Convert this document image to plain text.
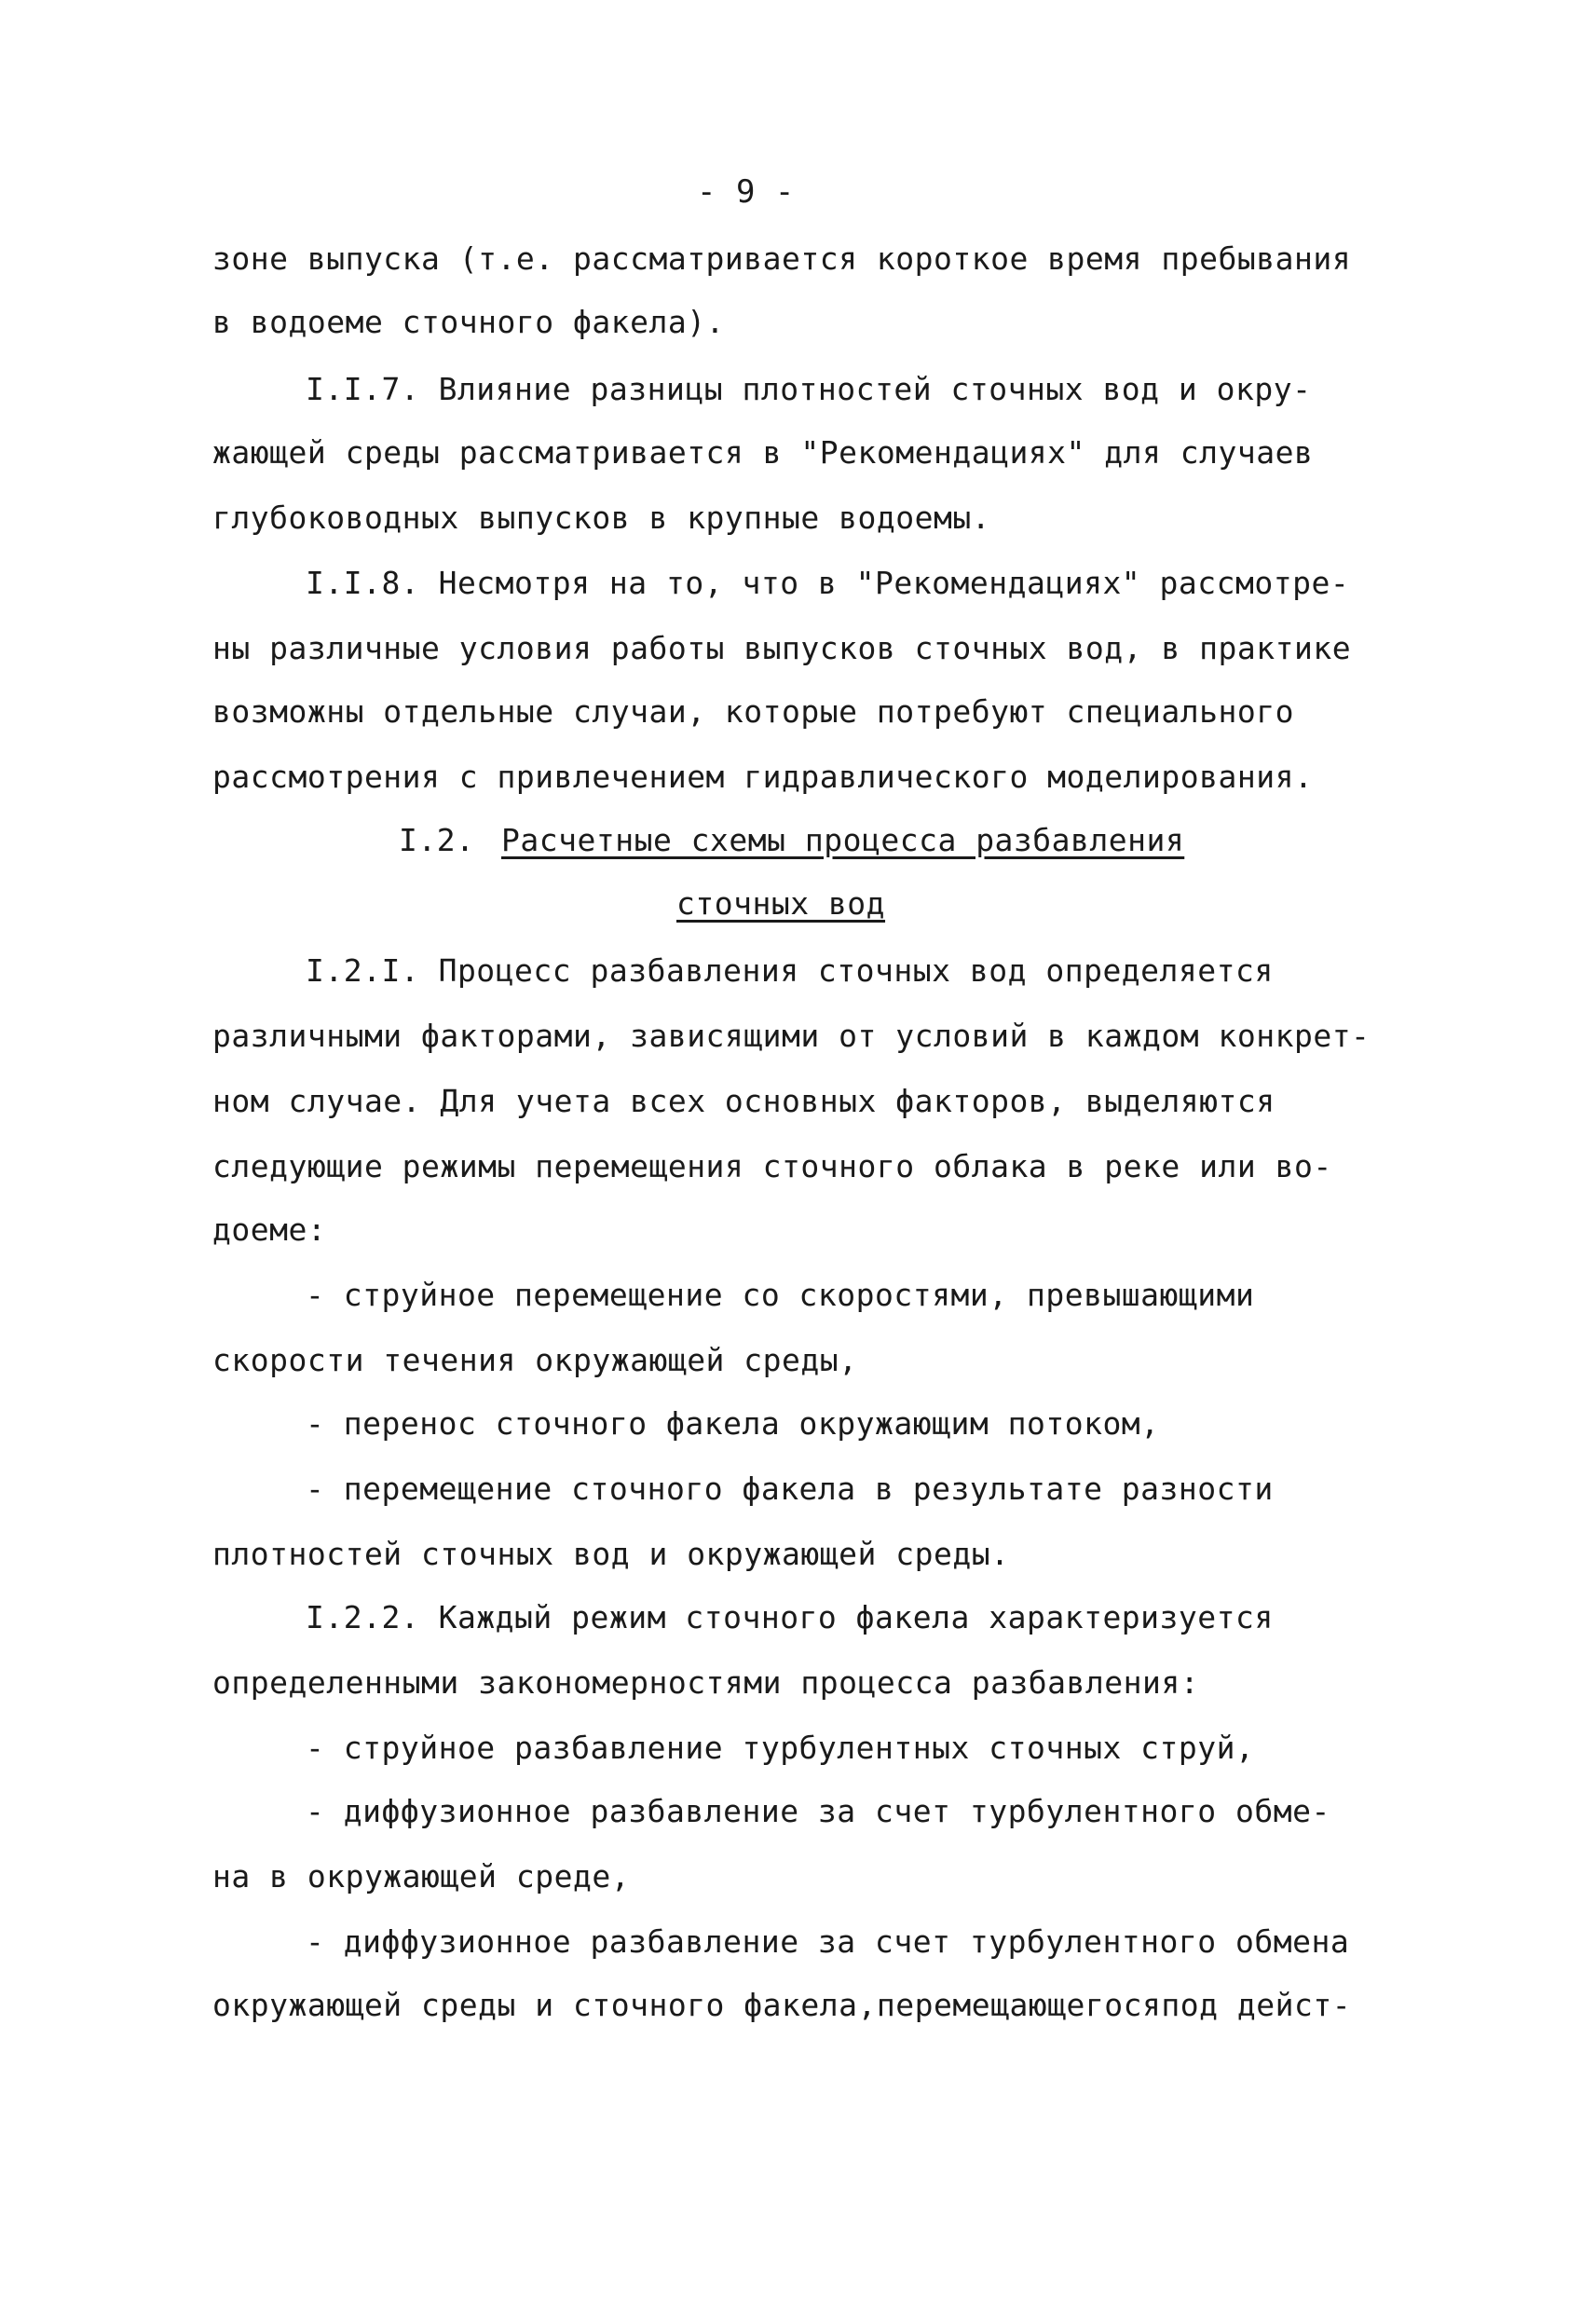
- 9 -
зоне выпуска (т.е. рассматривается короткое время пребывания
в водоеме сточного факела).
I.I.7. Влияние разницы плотностей сточных вод и окру-
жающей среды рассматривается в "Рекомендациях" для случаев
глубоководных выпусков в крупные водоемы.
I.I.8. Несмотря на то, что в "Рекомендациях" рассмотре-
ны различные условия работы выпусков сточных вод, в практике
возможны отдельные случаи, которые потребуют специального
рассмотрения с привлечением гидравлического моделирования.
I.2. Расчетные схемы процесса разбавления
сточных вод
I.2.I. Процесс разбавления сточных вод определяется
различными факторами, зависящими от условий в каждом конкрет-
ном случае. Для учета всех основных факторов, выделяются
следующие режимы перемещения сточного облака в реке или во-
доеме:
- струйное перемещение со скоростями, превышающими
скорости течения окружающей среды,
- перенос сточного факела окружающим потоком,
- перемещение сточного факела в результате разности
плотностей сточных вод и окружающей среды.
I.2.2. Каждый режим сточного факела характеризуется
определенными закономерностями процесса разбавления:
- струйное разбавление турбулентных сточных струй,
- диффузионное разбавление за счет турбулентного обме-
на в окружающей среде,
- диффузионное разбавление за счет турбулентного обмена
окружающей среды и сточного факела,перемещающегосяпод дейст-
